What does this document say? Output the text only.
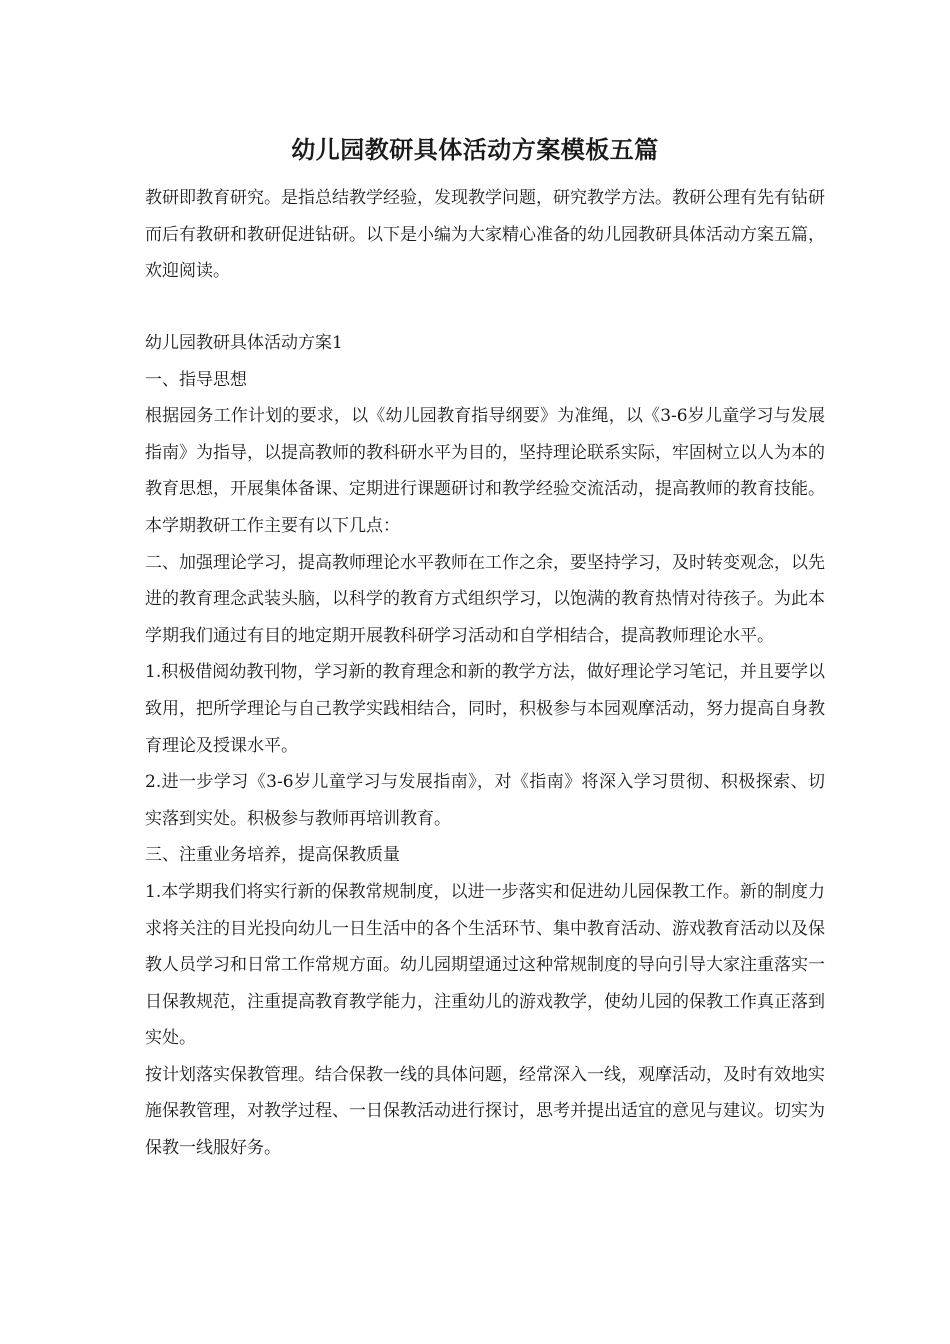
幼儿园教研具体活动方案模板五篇

教研即教育研究。是指总结教学经验，发现教学问题，研究教学方法。教研公理有先有钻研而后有教研和教研促进钻研。以下是小编为大家精心准备的幼儿园教研具体活动方案五篇，欢迎阅读。

幼儿园教研具体活动方案1

一、指导思想

根据园务工作计划的要求，以《幼儿园教育指导纲要》为准绳，以《3-6岁儿童学习与发展指南》为指导，以提高教师的教科研水平为目的，坚持理论联系实际，牢固树立以人为本的教育思想，开展集体备课、定期进行课题研讨和教学经验交流活动，提高教师的教育技能。本学期教研工作主要有以下几点：

二、加强理论学习，提高教师理论水平教师在工作之余，要坚持学习，及时转变观念，以先进的教育理念武装头脑，以科学的教育方式组织学习，以饱满的教育热情对待孩子。为此本学期我们通过有目的地定期开展教科研学习活动和自学相结合，提高教师理论水平。

1.积极借阅幼教刊物，学习新的教育理念和新的教学方法，做好理论学习笔记，并且要学以致用，把所学理论与自己教学实践相结合，同时，积极参与本园观摩活动，努力提高自身教育理论及授课水平。

2.进一步学习《3-6岁儿童学习与发展指南》，对《指南》将深入学习贯彻、积极探索、切实落到实处。积极参与教师再培训教育。

三、注重业务培养，提高保教质量

1.本学期我们将实行新的保教常规制度，以进一步落实和促进幼儿园保教工作。新的制度力求将关注的目光投向幼儿一日生活中的各个生活环节、集中教育活动、游戏教育活动以及保教人员学习和日常工作常规方面。幼儿园期望通过这种常规制度的导向引导大家注重落实一日保教规范，注重提高教育教学能力，注重幼儿的游戏教学，使幼儿园的保教工作真正落到实处。

按计划落实保教管理。结合保教一线的具体问题，经常深入一线，观摩活动，及时有效地实施保教管理，对教学过程、一日保教活动进行探讨，思考并提出适宜的意见与建议。切实为保教一线服好务。
